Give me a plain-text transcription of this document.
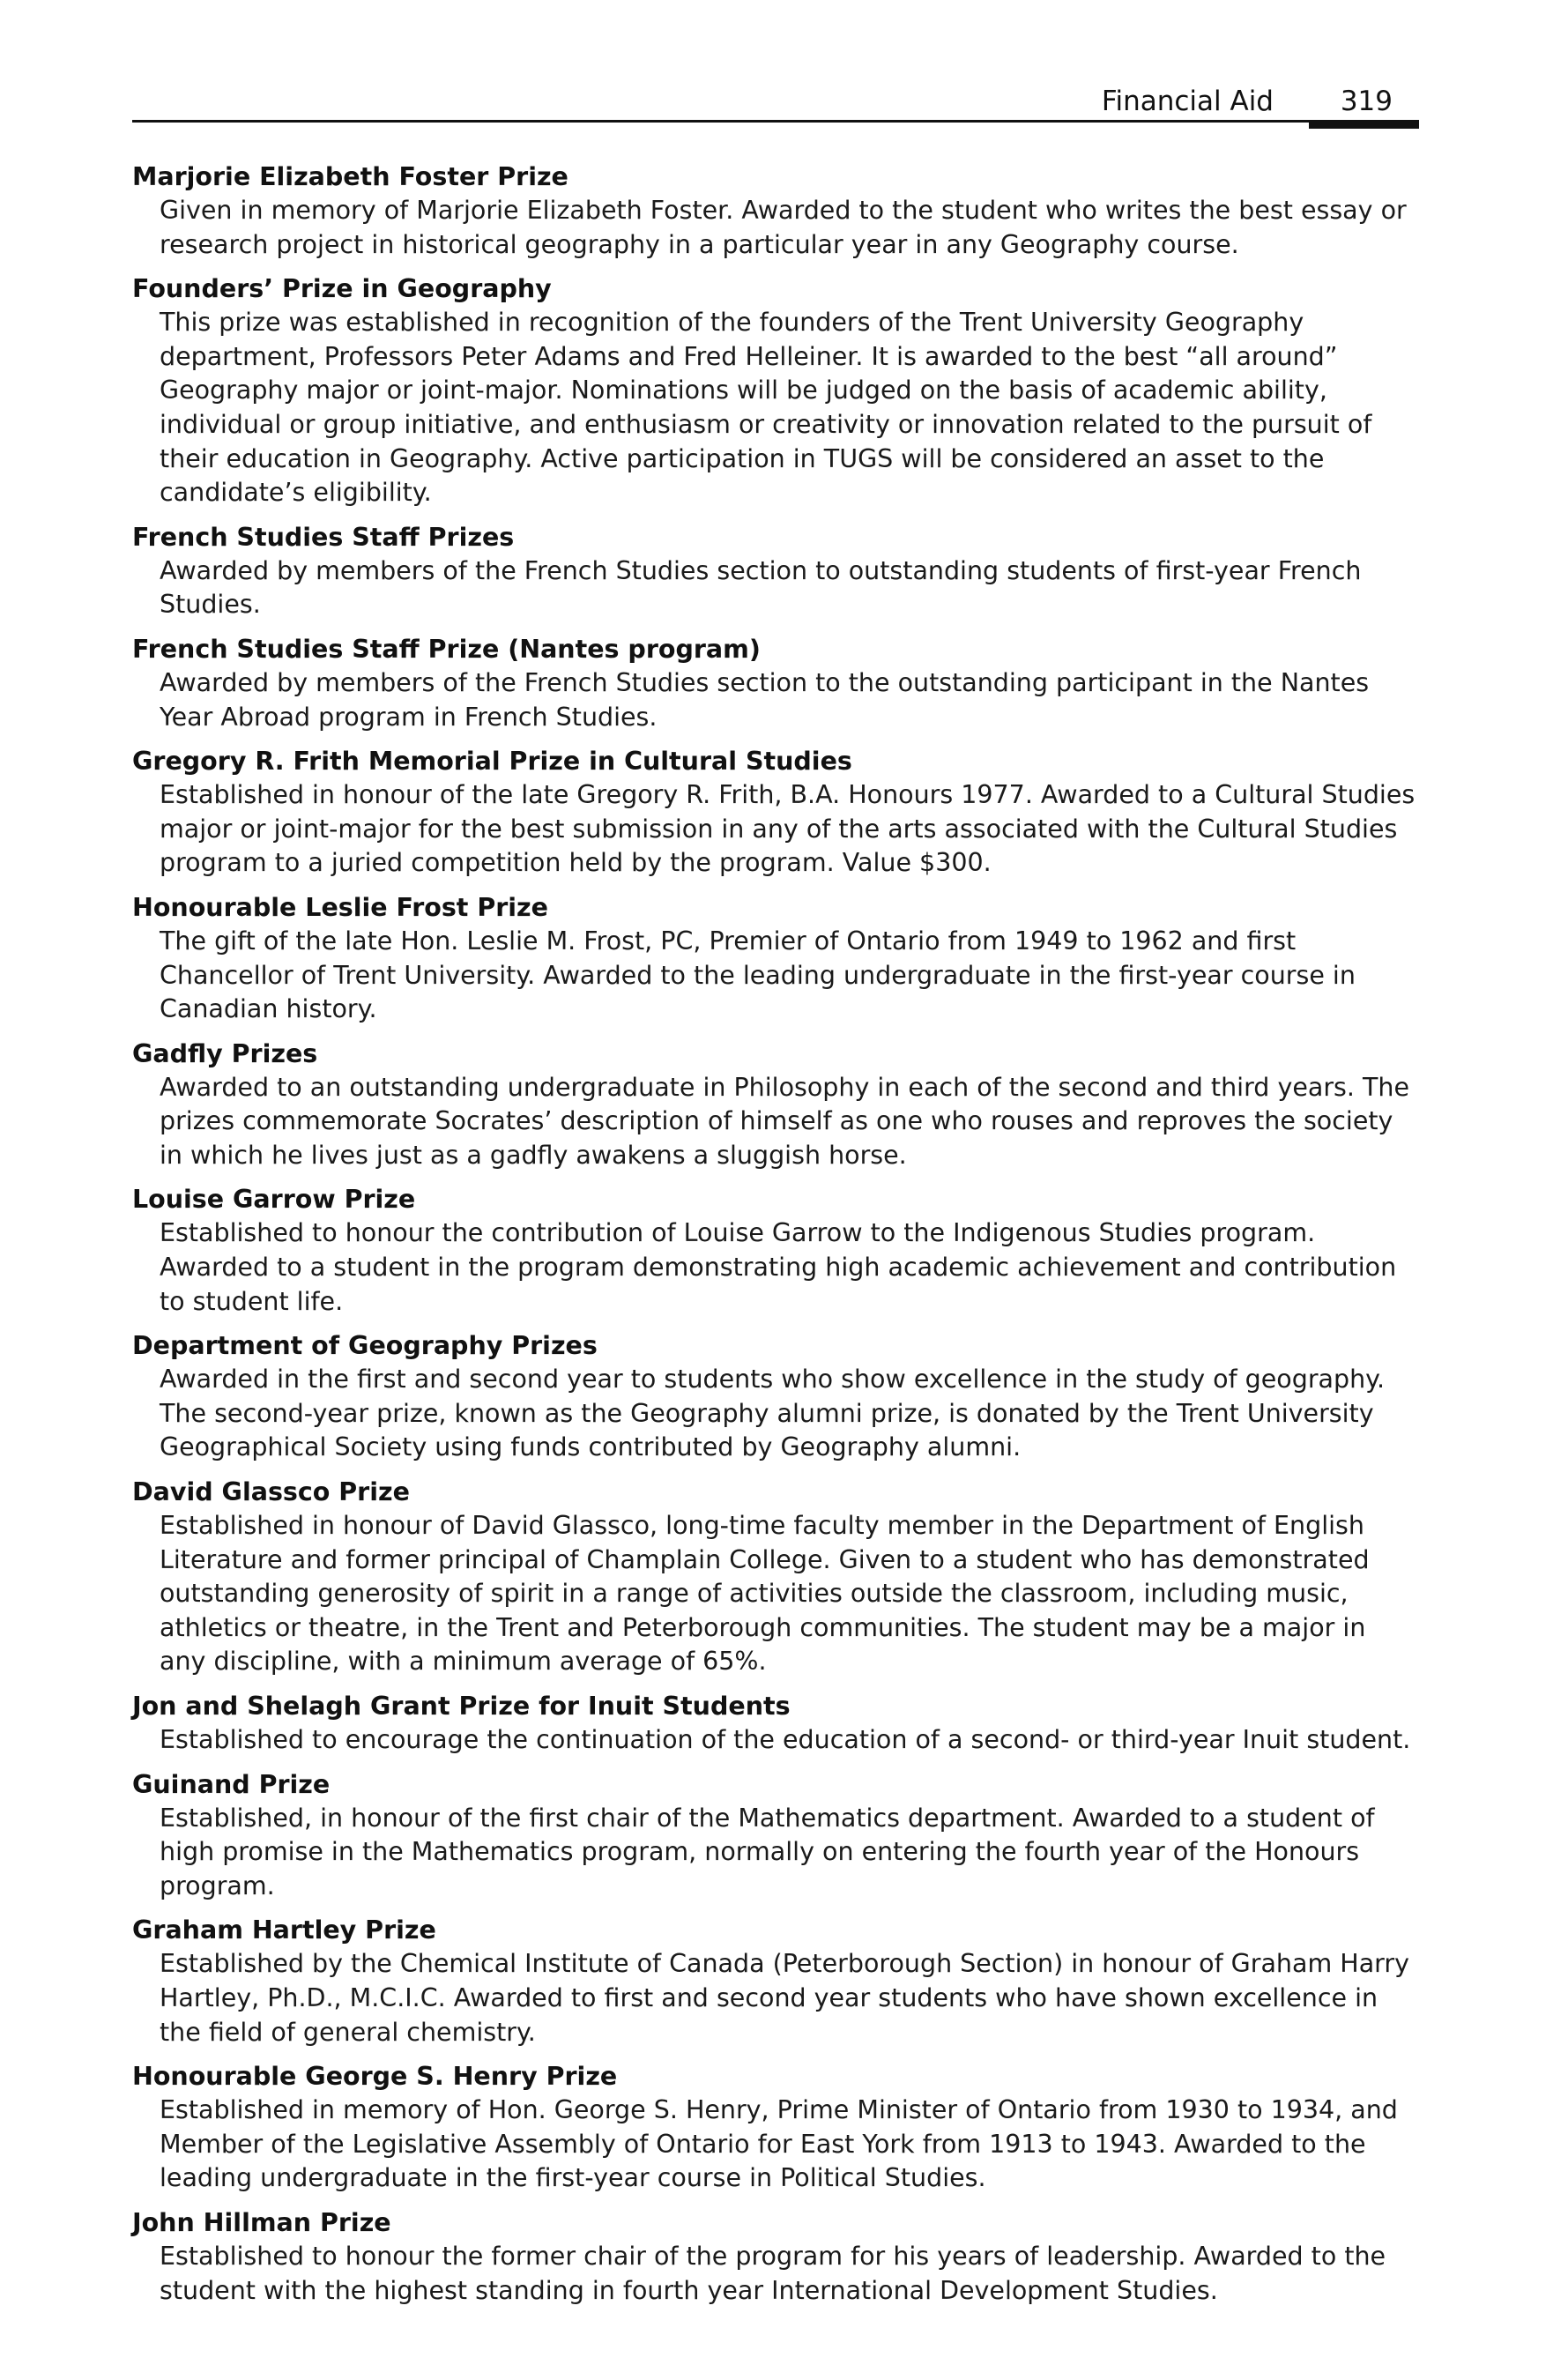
Financial Aid 319
Marjorie Elizabeth Foster Prize
Given in memory of Marjorie Elizabeth Foster. Awarded to the student who writes the best essay or research project in historical geography in a particular year in any Geography course.
Founders’ Prize in Geography
This prize was established in recognition of the founders of the Trent University Geography department, Professors Peter Adams and Fred Helleiner. It is awarded to the best “all around” Geography major or joint-major. Nominations will be judged on the basis of academic ability, individual or group initiative, and enthusiasm or creativity or innovation related to the pursuit of their education in Geography. Active participation in TUGS will be considered an asset to the candidate’s eligibility.
French Studies Staff Prizes
Awarded by members of the French Studies section to outstanding students of first-year French Studies.
French Studies Staff Prize (Nantes program)
Awarded by members of the French Studies section to the outstanding participant in the Nantes Year Abroad program in French Studies.
Gregory R. Frith Memorial Prize in Cultural Studies
Established in honour of the late Gregory R. Frith, B.A. Honours 1977. Awarded to a Cultural Studies major or joint-major for the best submission in any of the arts associated with the Cultural Studies program to a juried competition held by the program. Value $300.
Honourable Leslie Frost Prize
The gift of the late Hon. Leslie M. Frost, PC, Premier of Ontario from 1949 to 1962 and first Chancellor of Trent University. Awarded to the leading undergraduate in the first-year course in Canadian history.
Gadfly Prizes
Awarded to an outstanding undergraduate in Philosophy in each of the second and third years. The prizes commemorate Socrates’ description of himself as one who rouses and reproves the society in which he lives just as a gadfly awakens a sluggish horse.
Louise Garrow Prize
Established to honour the contribution of Louise Garrow to the Indigenous Studies program. Awarded to a student in the program demonstrating high academic achievement and contribution to student life.
Department of Geography Prizes
Awarded in the first and second year to students who show excellence in the study of geography. The second-year prize, known as the Geography alumni prize, is donated by the Trent University Geographical Society using funds contributed by Geography alumni.
David Glassco Prize
Established in honour of David Glassco, long-time faculty member in the Department of English Literature and former principal of Champlain College. Given to a student who has demonstrated outstanding generosity of spirit in a range of activities outside the classroom, including music, athletics or theatre, in the Trent and Peterborough communities. The student may be a major in any discipline, with a minimum average of 65%.
Jon and Shelagh Grant Prize for Inuit Students
Established to encourage the continuation of the education of a second- or third-year Inuit student.
Guinand Prize
Established, in honour of the first chair of the Mathematics department. Awarded to a student of high promise in the Mathematics program, normally on entering the fourth year of the Honours program.
Graham Hartley Prize
Established by the Chemical Institute of Canada (Peterborough Section) in honour of Graham Harry Hartley, Ph.D., M.C.I.C. Awarded to first and second year students who have shown excellence in the field of general chemistry.
Honourable George S. Henry Prize
Established in memory of Hon. George S. Henry, Prime Minister of Ontario from 1930 to 1934, and Member of the Legislative Assembly of Ontario for East York from 1913 to 1943. Awarded to the leading undergraduate in the first-year course in Political Studies.
John Hillman Prize
Established to honour the former chair of the program for his years of leadership. Awarded to the student with the highest standing in fourth year International Development Studies.
